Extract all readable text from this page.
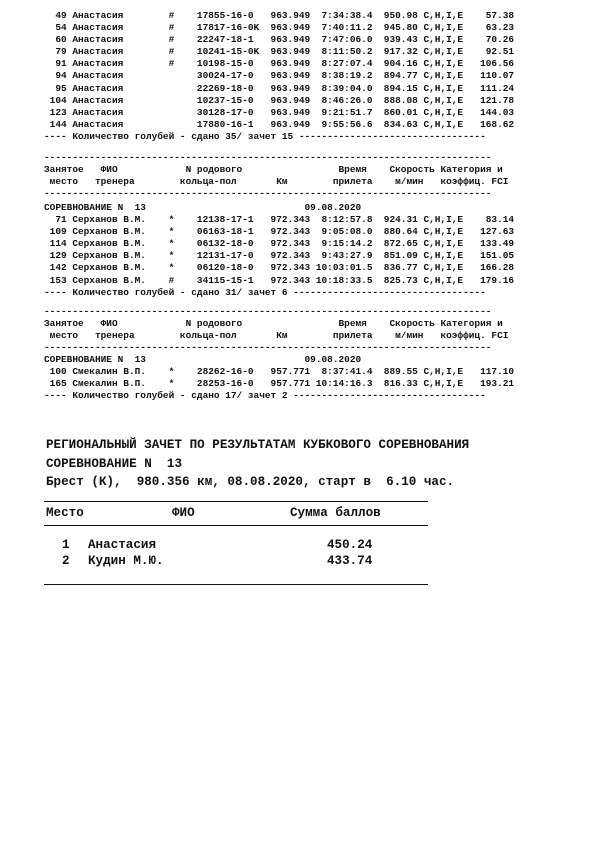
49 Анастасия        #    17855-16-0   963.949  7:34:38.4  950.98 C,H,I,E    57.38
54 Анастасия        #    17817-16-0K  963.949  7:40:11.2  945.80 C,H,I,E    63.23
60 Анастасия        #    22247-18-1   963.949  7:47:06.0  939.43 C,H,I,E    70.26
79 Анастасия        #    10241-15-0K  963.949  8:11:50.2  917.32 C,H,I,E    92.51
91 Анастасия        #    10198-15-0   963.949  8:27:07.4  904.16 C,H,I,E   106.56
94 Анастасия             30024-17-0   963.949  8:38:19.2  894.77 C,H,I,E   110.07
95 Анастасия             22269-18-0   963.949  8:39:04.0  894.15 C,H,I,E   111.24
104 Анастасия             10237-15-0   963.949  8:46:26.0  888.08 C,H,I,E   121.78
123 Анастасия             30128-17-0   963.949  9:21:51.7  860.01 C,H,I,E   144.03
144 Анастасия             17880-16-1   963.949  9:55:56.6  834.63 C,H,I,E   168.62
---- Количество голубей - сдано 35/ зачет 15 ---------------------------------
-------------------------------------------------------------------------------
Занятое   ФИО            N родового                 Время    Скорость Категория и
место   тренера        кольца-пол       Км        прилета    м/мин   коэффиц. FCI
-------------------------------------------------------------------------------
СОРЕВНОВАНИЕ N  13                            09.08.2020
71 Серханов В.М.    *    12138-17-1   972.343  8:12:57.8  924.31 C,H,I,E    83.14
109 Серханов В.М.    *    06163-18-1   972.343  9:05:08.0  880.64 C,H,I,E   127.63
114 Серханов В.М.    *    06132-18-0   972.343  9:15:14.2  872.65 C,H,I,E   133.49
129 Серханов В.М.    *    12131-17-0   972.343  9:43:27.9  851.09 C,H,I,E   151.05
142 Серханов В.М.    *    06120-18-0   972.343 10:03:01.5  836.77 C,H,I,E   166.28
153 Серханов В.М.    #    34115-15-1   972.343 10:18:33.5  825.73 C,H,I,E   179.16
---- Количество голубей - сдано 31/ зачет 6 ----------------------------------
-------------------------------------------------------------------------------
Занятое   ФИО            N родового                 Время    Скорость Категория и
место   тренера        кольца-пол       Км        прилета    м/мин   коэффиц. FCI
-------------------------------------------------------------------------------
СОРЕВНОВАНИЕ N  13                            09.08.2020
100 Смекалин В.П.    *    28262-16-0   957.771  8:37:41.4  889.55 C,H,I,E   117.10
165 Смекалин В.П.    *    28253-16-0   957.771 10:14:16.3  816.33 C,H,I,E   193.21
---- Количество голубей - сдано 17/ зачет 2 ----------------------------------
РЕГИОНАЛЬНЫЙ ЗАЧЕТ ПО РЕЗУЛЬТАТАМ КУБКОВОГО СОРЕВНОВАНИЯ
СОРЕВНОВАНИЕ N  13
Брест (К),  980.356 км, 08.08.2020, старт в  6.10 час.
Место	ФИО	Сумма баллов
1 Анастасия	450.24
2 Кудин М.Ю.	433.74
